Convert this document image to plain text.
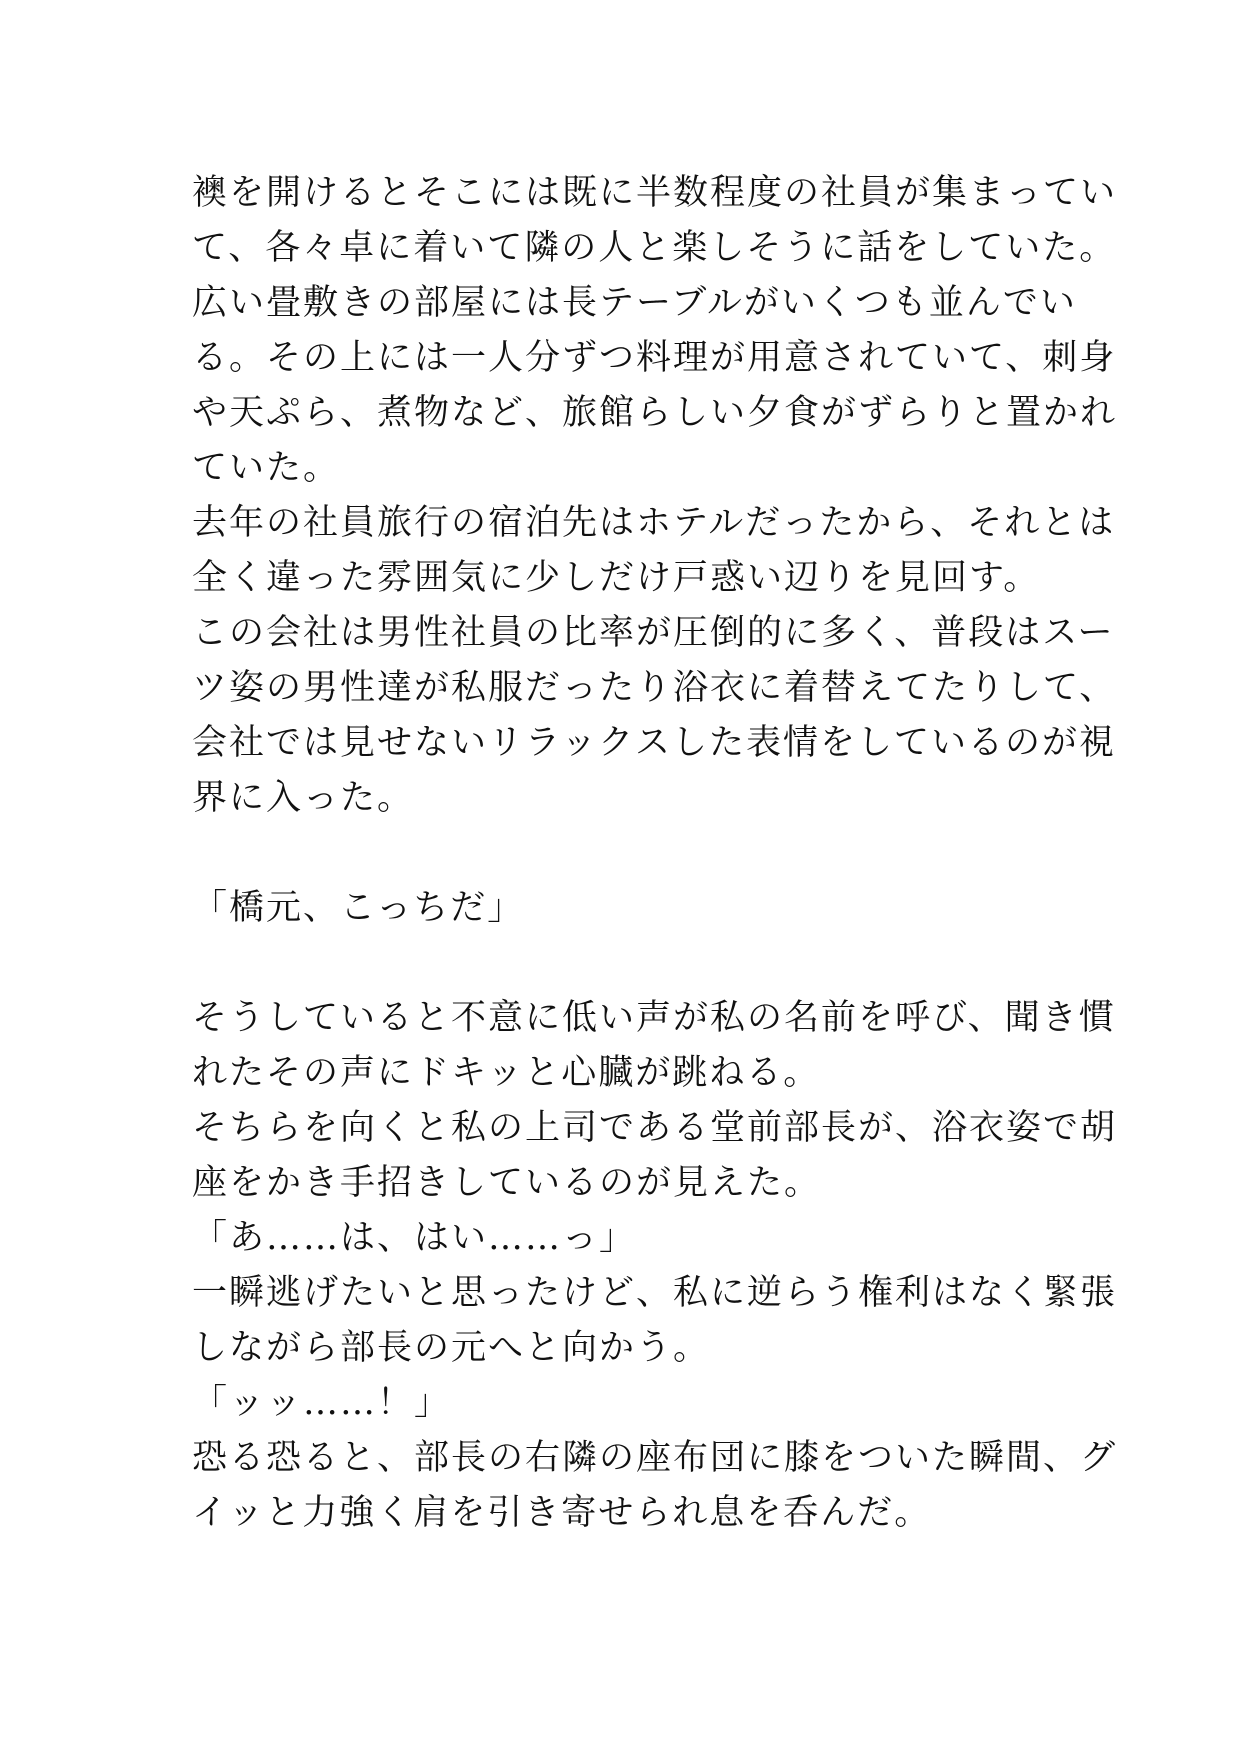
襖を開けるとそこには既に半数程度の社員が集まってい
て、各々卓に着いて隣の人と楽しそうに話をしていた。
広い畳敷きの部屋には長テーブルがいくつも並んでい
る。その上には一人分ずつ料理が用意されていて、刺身
や天ぷら、煮物など、旅館らしい夕食がずらりと置かれ
ていた。
去年の社員旅行の宿泊先はホテルだったから、それとは
全く違った雰囲気に少しだけ戸惑い辺りを見回す。
この会社は男性社員の比率が圧倒的に多く、普段はスー
ツ姿の男性達が私服だったり浴衣に着替えてたりして、
会社では見せないリラックスした表情をしているのが視
界に入った。
「橋元、こっちだ」
そうしていると不意に低い声が私の名前を呼び、聞き慣
れたその声にドキッと心臓が跳ねる。
そちらを向くと私の上司である堂前部長が、浴衣姿で胡
座をかき手招きしているのが見えた。
「あ……は、はい……っ」
一瞬逃げたいと思ったけど、私に逆らう権利はなく緊張
しながら部長の元へと向かう。
「ッッ……！」
恐る恐ると、部長の右隣の座布団に膝をついた瞬間、グ
イッと力強く肩を引き寄せられ息を呑んだ。
